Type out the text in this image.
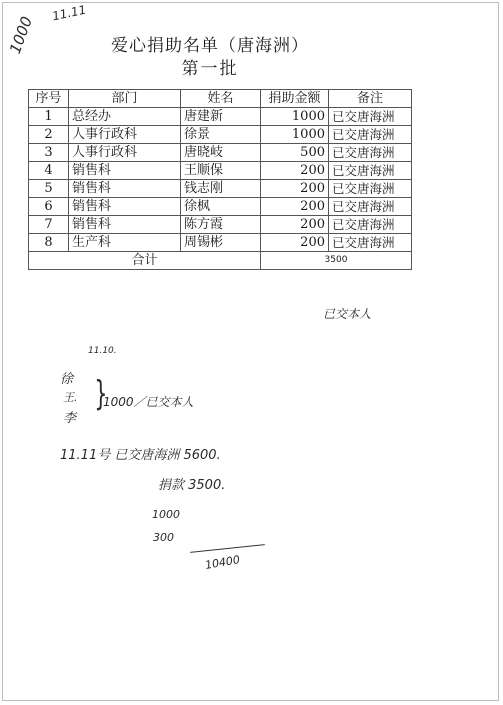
爱心捐助名单（唐海洲）
第一批
11.11
1000
序号	部门	姓名	捐助金额	备注
1	总经办	唐建新	1000	已交唐海洲
2	人事行政科	徐景	1000	已交唐海洲
3	人事行政科	唐晓岐	500	已交唐海洲
4	销售科	王顺保	200	已交唐海洲
5	销售科	钱志刚	200	已交唐海洲
6	销售科	徐枫	200	已交唐海洲
7	销售科	陈方霞	200	已交唐海洲
8	生产科	周锡彬	200	已交唐海洲
合计			3500	
已交本人
11.10.
徐
王.
李
}
1000／已交本人
11.11号 已交唐海洲 5600.
捐款 3500.
1000
300
10400
